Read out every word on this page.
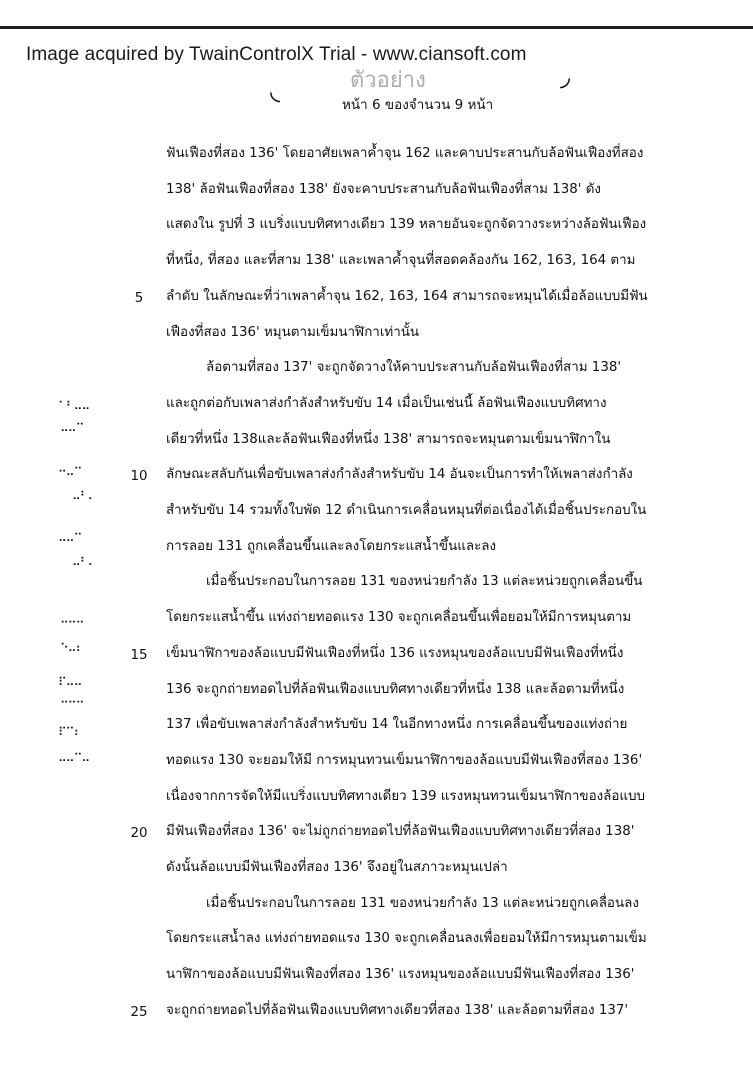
Image acquired by TwainControlX Trial - www.ciansoft.com
ตัวอย่าง
◟	◞
หน้า 6 ของจำนวน 9 หน้า
ฟันเฟืองที่สอง 136' โดยอาศัยเพลาค้ำจุน 162 และคาบประสานกับล้อฟันเฟืองที่สอง
138' ล้อฟันเฟืองที่สอง 138' ยังจะคาบประสานกับล้อฟันเฟืองที่สาม 138' ดัง
แสดงใน รูปที่ 3 แบริ่งแบบทิศทางเดียว 139 หลายอันจะถูกจัดวางระหว่างล้อฟันเฟือง
ที่หนึ่ง, ที่สอง และที่สาม 138' และเพลาค้ำจุนที่สอดคล้องกัน 162, 163, 164 ตาม
ลำดับ ในลักษณะที่ว่าเพลาค้ำจุน 162, 163, 164 สามารถจะหมุนได้เมื่อล้อแบบมีฟัน
เฟืองที่สอง 136' หมุนตามเข็มนาฬิกาเท่านั้น
ล้อตามที่สอง 137' จะถูกจัดวางให้คาบประสานกับล้อฟันเฟืองที่สาม 138'
และถูกต่อกับเพลาส่งกำลังสำหรับขับ 14 เมื่อเป็นเช่นนี้ ล้อฟันเฟืองแบบทิศทาง
เดียวที่หนึ่ง 138และล้อฟันเฟืองที่หนึ่ง 138' สามารถจะหมุนตามเข็มนาฬิกาใน
ลักษณะสลับกันเพื่อขับเพลาส่งกำลังสำหรับขับ 14 อันจะเป็นการทำให้เพลาส่งกำลัง
สำหรับขับ 14 รวมทั้งใบพัด 12 ดำเนินการเคลื่อนหมุนที่ต่อเนื่องได้เมื่อชิ้นประกอบใน
การลอย 131 ถูกเคลื่อนขึ้นและลงโดยกระแสน้ำขึ้นและลง
เมื่อชิ้นประกอบในการลอย 131 ของหน่วยกำลัง 13 แต่ละหน่วยถูกเคลื่อนขึ้น
โดยกระแสน้ำขึ้น แท่งถ่ายทอดแรง 130 จะถูกเคลื่อนขึ้นเพื่อยอมให้มีการหมุนตาม
เข็มนาฬิกาของล้อแบบมีฟันเฟืองที่หนึ่ง 136 แรงหมุนของล้อแบบมีฟันเฟืองที่หนึ่ง
136 จะถูกถ่ายทอดไปที่ล้อฟันเฟืองแบบทิศทางเดียวที่หนึ่ง 138 และล้อตามที่หนึ่ง
137 เพื่อขับเพลาส่งกำลังสำหรับขับ 14 ในอีกทางหนึ่ง การเคลื่อนขึ้นของแท่งถ่าย
ทอดแรง 130 จะยอมให้มี การหมุนทวนเข็มนาฬิกาของล้อแบบมีฟันเฟืองที่สอง 136'
เนื่องจากการจัดให้มีแบริ่งแบบทิศทางเดียว 139 แรงหมุนทวนเข็มนาฬิกาของล้อแบบ
มีฟันเฟืองที่สอง 136' จะไม่ถูกถ่ายทอดไปที่ล้อฟันเฟืองแบบทิศทางเดียวที่สอง 138'
ดังนั้นล้อแบบมีฟันเฟืองที่สอง 136' จึงอยู่ในสภาวะหมุนเปล่า
เมื่อชิ้นประกอบในการลอย 131 ของหน่วยกำลัง 13 แต่ละหน่วยถูกเคลื่อนลง
โดยกระแสน้ำลง แท่งถ่ายทอดแรง 130 จะถูกเคลื่อนลงเพื่อยอมให้มีการหมุนตามเข็ม
นาฬิกาของล้อแบบมีฟันเฟืองที่สอง 136' แรงหมุนของล้อแบบมีฟันเฟืองที่สอง 136'
จะถูกถ่ายทอดไปที่ล้อฟันเฟืองแบบทิศทางเดียวที่สอง 138' และล้อตามที่สอง 137'
5
10
15
20
25
⠁⠃⠤⠤
⠤⠤⠉
⠒⠤⠉
⠤⠃⠄
⠤⠤⠉
⠤⠃⠄
⠉⠉⠉
⠑⠤⠆
⠏⠤⠤
⠉⠉⠉
⠏⠉⠆
⠤⠤⠉⠤
